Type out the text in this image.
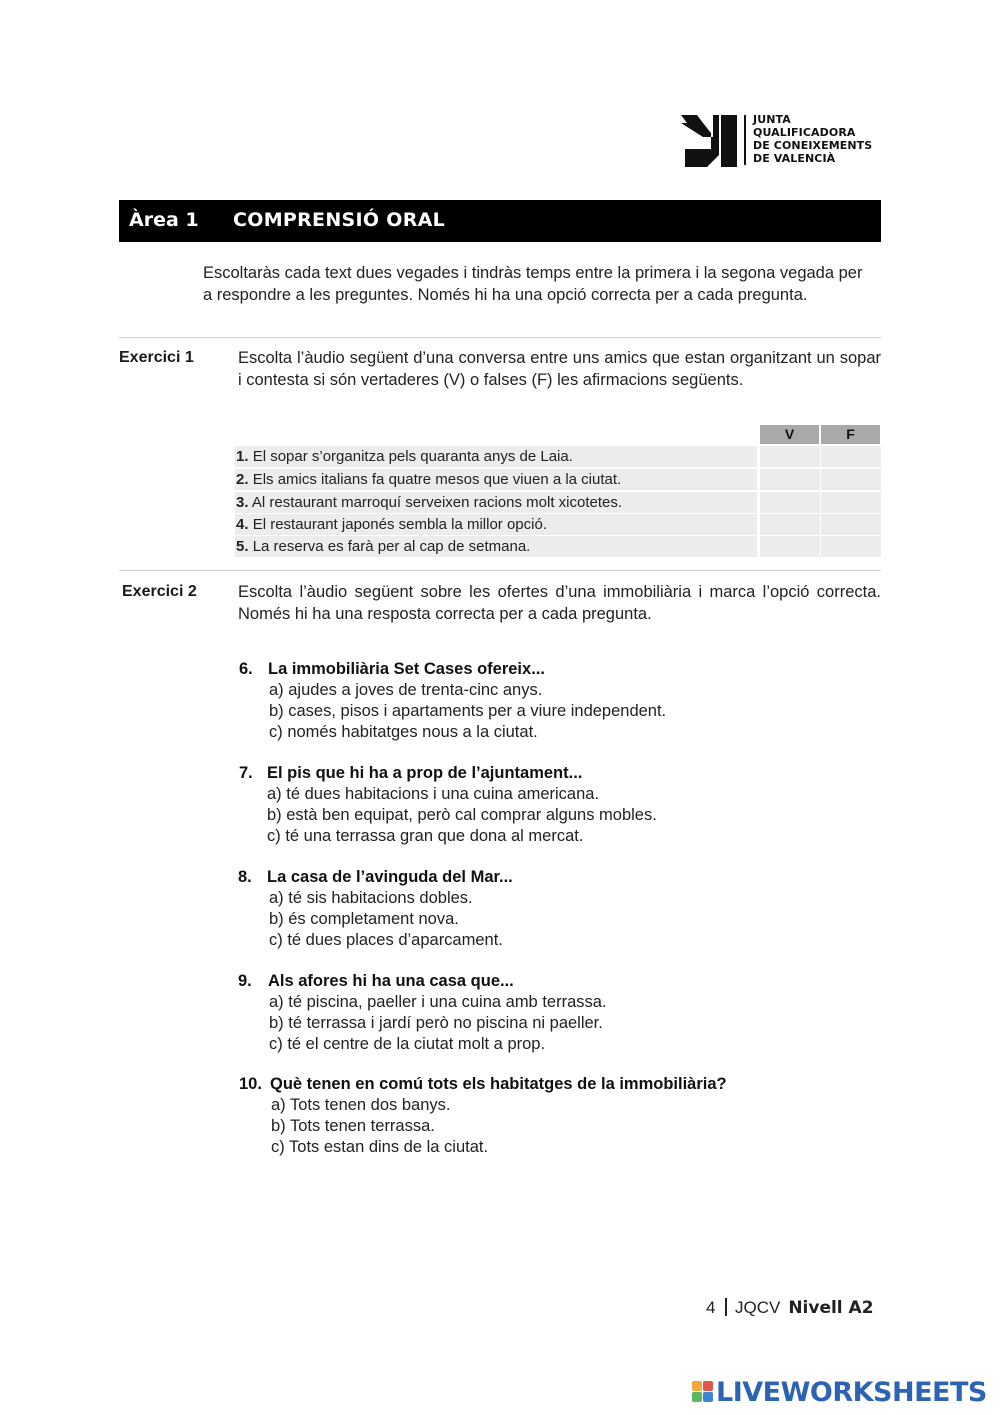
JUNTA
QUALIFICADORA
DE CONEIXEMENTS
DE VALENCIÀ
Àrea 1 COMPRENSIÓ ORAL

Escoltaràs cada text dues vegades i tindràs temps entre la primera i la segona vegada per a respondre a les preguntes. Només hi ha una opció correcta per a cada pregunta.

Exercici 1	Escolta l’àudio següent d’una conversa entre uns amics que estan organitzant un sopar i contesta si són vertaderes (V) o falses (F) les afirmacions següents.

V	F
1. El sopar s’organitza pels quaranta anys de Laia.
2. Els amics italians fa quatre mesos que viuen a la ciutat.
3. Al restaurant marroquí serveixen racions molt xicotetes.
4. El restaurant japonés sembla la millor opció.
5. La reserva es farà per al cap de setmana.
Exercici 2	Escolta l’àudio següent sobre les ofertes d’una immobiliària i marca l’opció correcta. Només hi ha una resposta correcta per a cada pregunta.

6. La immobiliària Set Cases ofereix...
a) ajudes a joves de trenta-cinc anys.
b) cases, pisos i apartaments per a viure independent.
c) només habitatges nous a la ciutat.
7. El pis que hi ha a prop de l’ajuntament...
a) té dues habitacions i una cuina americana.
b) està ben equipat, però cal comprar alguns mobles.
c) té una terrassa gran que dona al mercat.
8. La casa de l’avinguda del Mar...
a) té sis habitacions dobles.
b) és completament nova.
c) té dues places d’aparcament.
9. Als afores hi ha una casa que...
a) té piscina, paeller i una cuina amb terrassa.
b) té terrassa i jardí però no piscina ni paeller.
c) té el centre de la ciutat molt a prop.
10. Què tenen en comú tots els habitatges de la immobiliària?
a) Tots tenen dos banys.
b) Tots tenen terrassa.
c) Tots estan dins de la ciutat.
4 JQCV Nivell A2
LIVEWORKSHEETS
